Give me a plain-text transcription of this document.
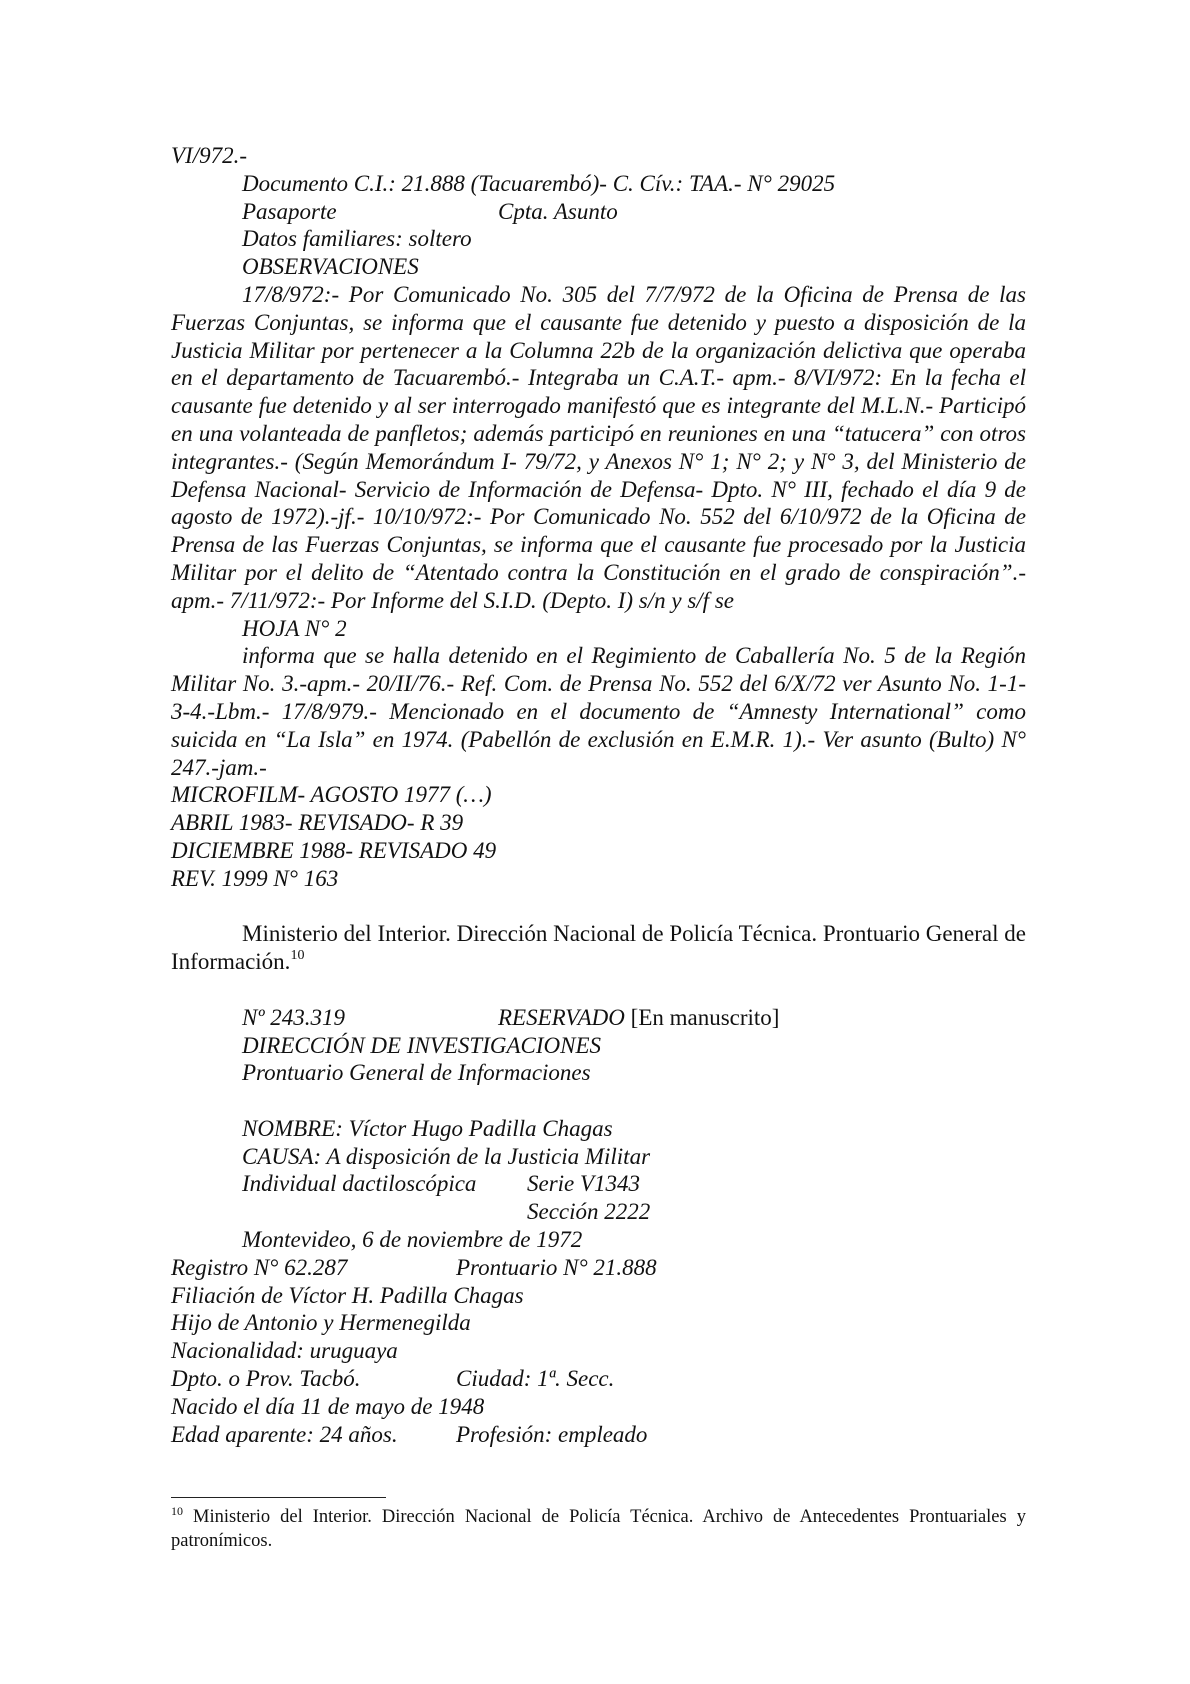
VI/972.-
Documento C.I.: 21.888 (Tacuarembó)- C. Cív.: TAA.- N° 29025
Pasaporte	Cpta. Asunto
Datos familiares: soltero
OBSERVACIONES
17/8/972:- Por Comunicado No. 305 del 7/7/972 de la Oficina de Prensa de las Fuerzas Conjuntas, se informa que el causante fue detenido y puesto a disposición de la Justicia Militar por pertenecer a la Columna 22b de la organización delictiva que operaba en el departamento de Tacuarembó.- Integraba un C.A.T.- apm.- 8/VI/972: En la fecha el causante fue detenido y al ser interrogado manifestó que es integrante del M.L.N.- Participó en una volanteada de panfletos; además participó en reuniones en una “tatucera” con otros integrantes.- (Según Memorándum I- 79/72, y Anexos N° 1; N° 2; y N° 3, del Ministerio de Defensa Nacional- Servicio de Información de Defensa- Dpto. N° III, fechado el día 9 de agosto de 1972).-jf.- 10/10/972:- Por Comunicado No. 552 del 6/10/972 de la Oficina de Prensa de las Fuerzas Conjuntas, se informa que el causante fue procesado por la Justicia Militar por el delito de “Atentado contra la Constitución en el grado de conspiración”.-apm.- 7/11/972:- Por Informe del S.I.D. (Depto. I) s/n y s/f se
HOJA N° 2
informa que se halla detenido en el Regimiento de Caballería No. 5 de la Región Militar No. 3.-apm.- 20/II/76.- Ref. Com. de Prensa No. 552 del 6/X/72 ver Asunto No. 1-1-3-4.-Lbm.- 17/8/979.- Mencionado en el documento de “Amnesty International” como suicida en “La Isla” en 1974. (Pabellón de exclusión en E.M.R. 1).- Ver asunto (Bulto) N° 247.-jam.-
MICROFILM- AGOSTO 1977 (…)
ABRIL 1983- REVISADO- R 39
DICIEMBRE 1988- REVISADO 49
REV. 1999 N° 163
Ministerio del Interior. Dirección Nacional de Policía Técnica. Prontuario General de Información.$^{10}$
Nº 243.319	RESERVADO [En manuscrito]
DIRECCIÓN DE INVESTIGACIONES
Prontuario General de Informaciones
NOMBRE: Víctor Hugo Padilla Chagas
CAUSA: A disposición de la Justicia Militar
Individual dactiloscópica	Serie V1343
Sección 2222
Montevideo, 6 de noviembre de 1972
Registro N° 62.287	Prontuario N° 21.888
Filiación de Víctor H. Padilla Chagas
Hijo de Antonio y Hermenegilda
Nacionalidad: uruguaya
Dpto. o Prov. Tacbó.	Ciudad: 1ª. Secc.
Nacido el día 11 de mayo de 1948
Edad aparente: 24 años.	Profesión: empleado
$^{10}$ Ministerio del Interior. Dirección Nacional de Policía Técnica. Archivo de Antecedentes Prontuariales y patronímicos.
